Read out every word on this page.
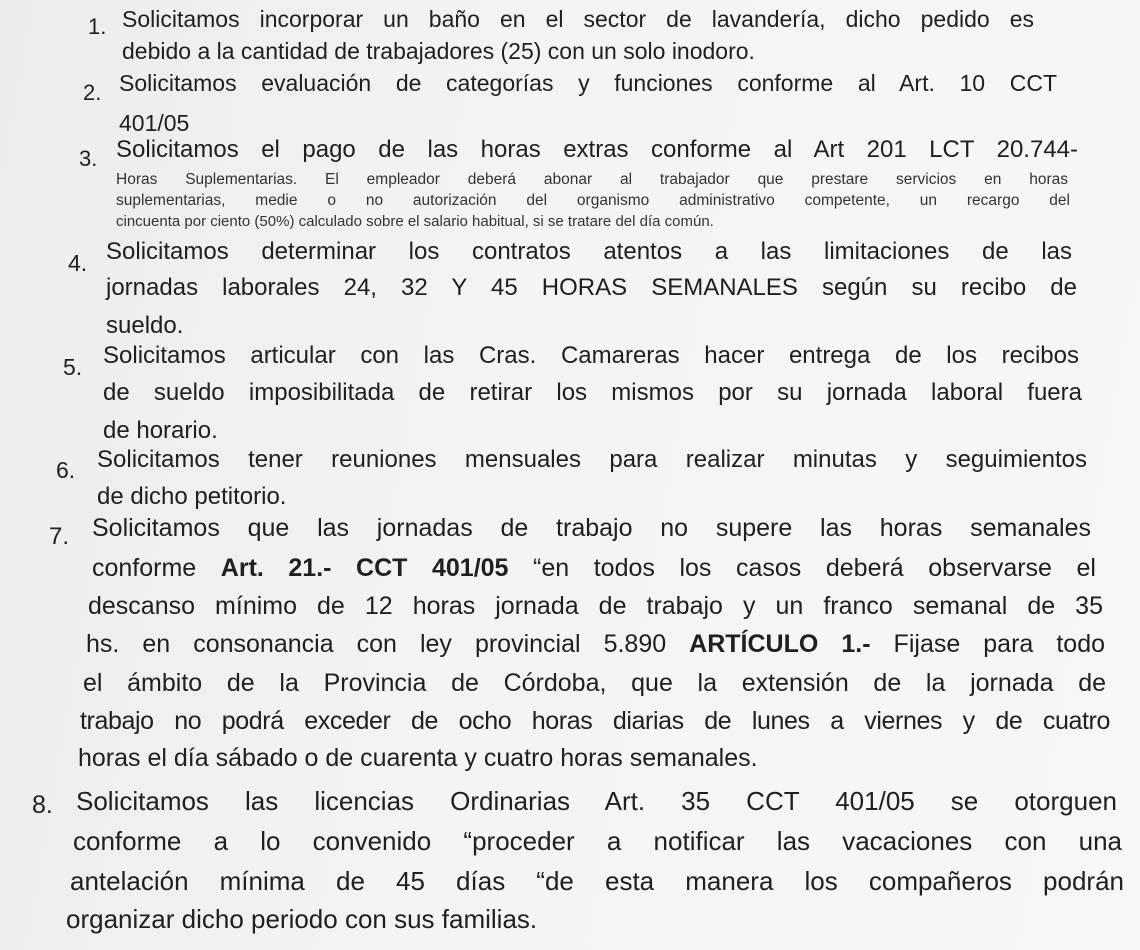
1. Solicitamos incorporar un baño en el sector de lavandería, dicho pedido es
debido a la cantidad de trabajadores (25) con un solo inodoro.
2. Solicitamos evaluación de categorías y funciones conforme al Art. 10 CCT
401/05
3. Solicitamos el pago de las horas extras conforme al Art 201 LCT 20.744-
Horas Suplementarias. El empleador deberá abonar al trabajador que prestare servicios en horas
suplementarias, medie o no autorización del organismo administrativo competente, un recargo del
cincuenta por ciento (50%) calculado sobre el salario habitual, si se tratare del día común.
4. Solicitamos determinar los contratos atentos a las limitaciones de las
jornadas laborales 24, 32 Y 45 HORAS SEMANALES según su recibo de
sueldo.
5. Solicitamos articular con las Cras. Camareras hacer entrega de los recibos
de sueldo imposibilitada de retirar los mismos por su jornada laboral fuera
de horario.
6. Solicitamos tener reuniones mensuales para realizar minutas y seguimientos
de dicho petitorio.
7. Solicitamos que las jornadas de trabajo no supere las horas semanales
conforme Art. 21.- CCT 401/05 “en todos los casos deberá observarse el
descanso mínimo de 12 horas jornada de trabajo y un franco semanal de 35
hs. en consonancia con ley provincial 5.890 ARTÍCULO 1.- Fijase para todo
el ámbito de la Provincia de Córdoba, que la extensión de la jornada de
trabajo no podrá exceder de ocho horas diarias de lunes a viernes y de cuatro
horas el día sábado o de cuarenta y cuatro horas semanales.
8. Solicitamos las licencias Ordinarias Art. 35 CCT 401/05 se otorguen
conforme a lo convenido “proceder a notificar las vacaciones con una
antelación mínima de 45 días “de esta manera los compañeros podrán
organizar dicho periodo con sus familias.
